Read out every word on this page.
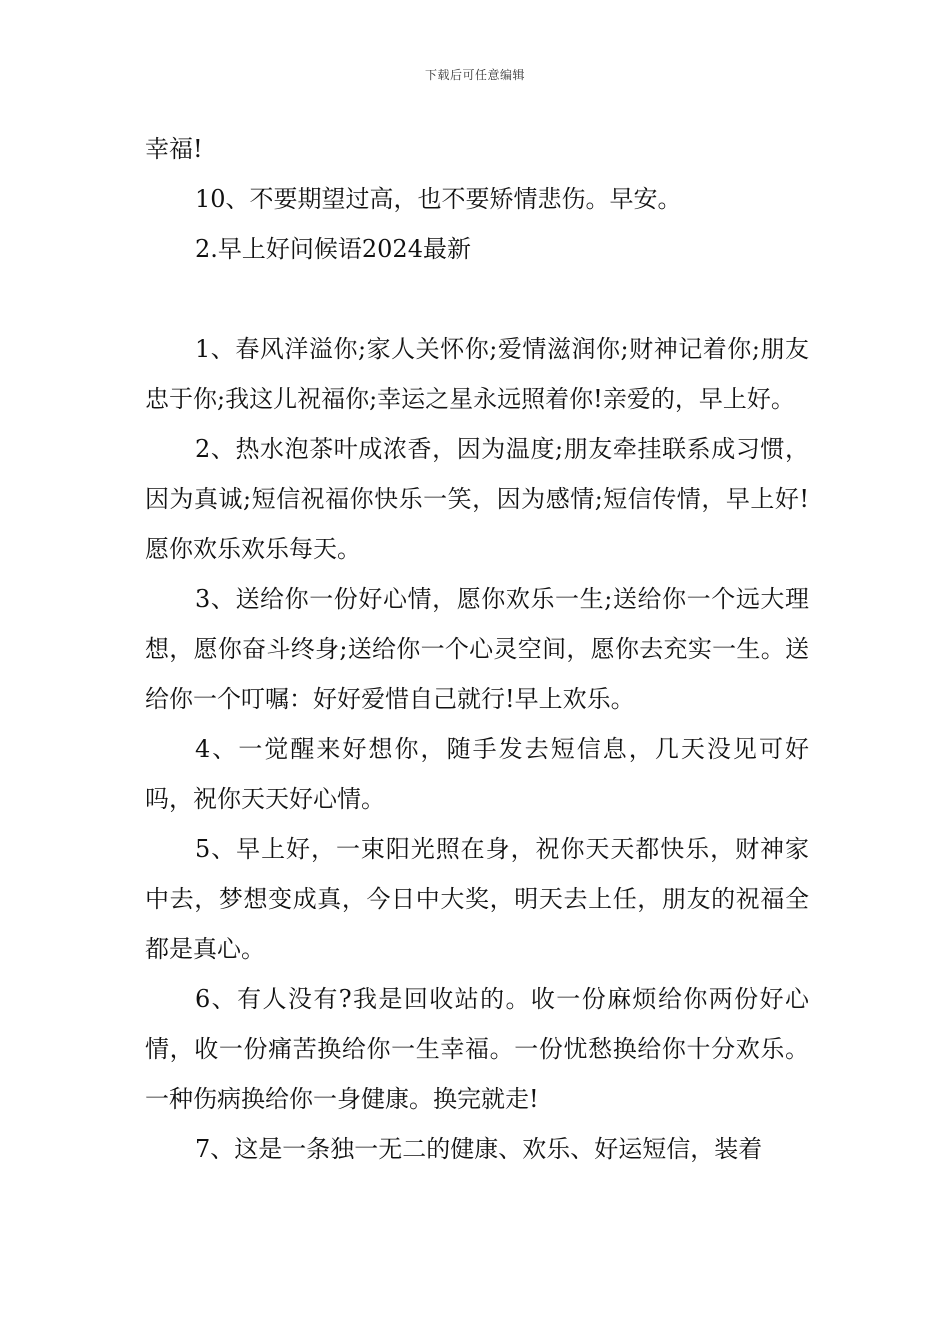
下载后可任意编辑

幸福!

10、不要期望过高，也不要矫情悲伤。早安。

2.早上好问候语2024最新

1、春风洋溢你;家人关怀你;爱情滋润你;财神记着你;朋友忠于你;我这儿祝福你;幸运之星永远照着你!亲爱的，早上好。

2、热水泡茶叶成浓香，因为温度;朋友牵挂联系成习惯，因为真诚;短信祝福你快乐一笑，因为感情;短信传情，早上好!愿你欢乐欢乐每天。

3、送给你一份好心情，愿你欢乐一生;送给你一个远大理想，愿你奋斗终身;送给你一个心灵空间，愿你去充实一生。送给你一个叮嘱：好好爱惜自己就行!早上欢乐。

4、一觉醒来好想你，随手发去短信息，几天没见可好吗，祝你天天好心情。

5、早上好，一束阳光照在身，祝你天天都快乐，财神家中去，梦想变成真，今日中大奖，明天去上任，朋友的祝福全都是真心。

6、有人没有?我是回收站的。收一份麻烦给你两份好心情，收一份痛苦换给你一生幸福。一份忧愁换给你十分欢乐。一种伤病换给你一身健康。换完就走!

7、这是一条独一无二的健康、欢乐、好运短信，装着
